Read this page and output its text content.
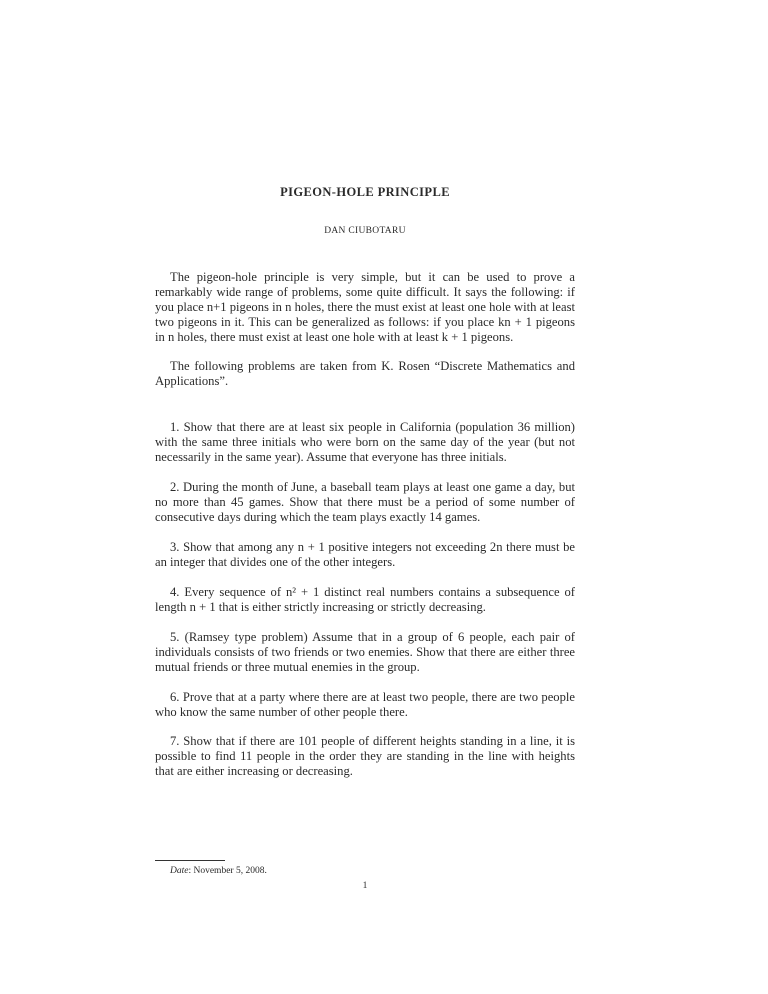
PIGEON-HOLE PRINCIPLE
DAN CIUBOTARU
The pigeon-hole principle is very simple, but it can be used to prove a remarkably wide range of problems, some quite difficult. It says the following: if you place n+1 pigeons in n holes, there the must exist at least one hole with at least two pigeons in it. This can be generalized as follows: if you place kn + 1 pigeons in n holes, there must exist at least one hole with at least k + 1 pigeons.
The following problems are taken from K. Rosen “Discrete Mathematics and Applications”.
1. Show that there are at least six people in California (population 36 million) with the same three initials who were born on the same day of the year (but not necessarily in the same year). Assume that everyone has three initials.
2. During the month of June, a baseball team plays at least one game a day, but no more than 45 games. Show that there must be a period of some number of consecutive days during which the team plays exactly 14 games.
3. Show that among any n + 1 positive integers not exceeding 2n there must be an integer that divides one of the other integers.
4. Every sequence of n² + 1 distinct real numbers contains a subsequence of length n + 1 that is either strictly increasing or strictly decreasing.
5. (Ramsey type problem) Assume that in a group of 6 people, each pair of individuals consists of two friends or two enemies. Show that there are either three mutual friends or three mutual enemies in the group.
6. Prove that at a party where there are at least two people, there are two people who know the same number of other people there.
7. Show that if there are 101 people of different heights standing in a line, it is possible to find 11 people in the order they are standing in the line with heights that are either increasing or decreasing.
Date: November 5, 2008.
1
